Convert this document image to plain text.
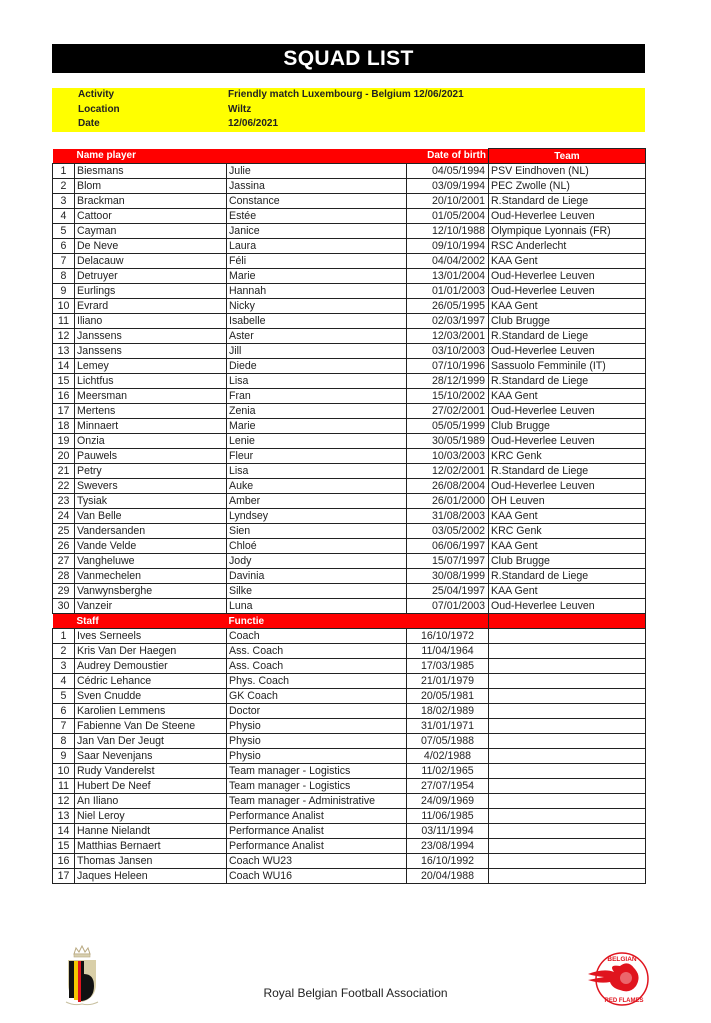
SQUAD LIST
Activity	Friendly match Luxembourg - Belgium 12/06/2021
Location	Wiltz
Date	12/06/2021
	Name player		Date of birth	Team
1	Biesmans	Julie	04/05/1994	PSV Eindhoven (NL)
2	Blom	Jassina	03/09/1994	PEC Zwolle (NL)
3	Brackman	Constance	20/10/2001	R.Standard de Liege
4	Cattoor	Estée	01/05/2004	Oud-Heverlee Leuven
5	Cayman	Janice	12/10/1988	Olympique Lyonnais (FR)
6	De Neve	Laura	09/10/1994	RSC Anderlecht
7	Delacauw	Féli	04/04/2002	KAA Gent
8	Detruyer	Marie	13/01/2004	Oud-Heverlee Leuven
9	Eurlings	Hannah	01/01/2003	Oud-Heverlee Leuven
10	Evrard	Nicky	26/05/1995	KAA Gent
11	Iliano	Isabelle	02/03/1997	Club Brugge
12	Janssens	Aster	12/03/2001	R.Standard de Liege
13	Janssens	Jill	03/10/2003	Oud-Heverlee Leuven
14	Lemey	Diede	07/10/1996	Sassuolo Femminile (IT)
15	Lichtfus	Lisa	28/12/1999	R.Standard de Liege
16	Meersman	Fran	15/10/2002	KAA Gent
17	Mertens	Zenia	27/02/2001	Oud-Heverlee Leuven
18	Minnaert	Marie	05/05/1999	Club Brugge
19	Onzia	Lenie	30/05/1989	Oud-Heverlee Leuven
20	Pauwels	Fleur	10/03/2003	KRC Genk
21	Petry	Lisa	12/02/2001	R.Standard de Liege
22	Swevers	Auke	26/08/2004	Oud-Heverlee Leuven
23	Tysiak	Amber	26/01/2000	OH Leuven
24	Van Belle	Lyndsey	31/08/2003	KAA Gent
25	Vandersanden	Sien	03/05/2002	KRC Genk
26	Vande Velde	Chloé	06/06/1997	KAA Gent
27	Vangheluwe	Jody	15/07/1997	Club Brugge
28	Vanmechelen	Davinia	30/08/1999	R.Standard de Liege
29	Vanwynsberghe	Silke	25/04/1997	KAA Gent
30	Vanzeir	Luna	07/01/2003	Oud-Heverlee Leuven
	Staff	Functie		
1	Ives Serneels	Coach	16/10/1972	
2	Kris Van Der Haegen	Ass. Coach	11/04/1964	
3	Audrey Demoustier	Ass. Coach	17/03/1985	
4	Cédric Lehance	Phys. Coach	21/01/1979	
5	Sven Cnudde	GK Coach	20/05/1981	
6	Karolien Lemmens	Doctor	18/02/1989	
7	Fabienne Van De Steene	Physio	31/01/1971	
8	Jan Van Der Jeugt	Physio	07/05/1988	
9	Saar Nevenjans	Physio	4/02/1988	
10	Rudy Vanderelst	Team manager - Logistics	11/02/1965	
11	Hubert De Neef	Team manager - Logistics	27/07/1954	
12	An Iliano	Team manager - Administrative	24/09/1969	
13	Niel Leroy	Performance Analist	11/06/1985	
14	Hanne Nielandt	Performance Analist	03/11/1994	
15	Matthias Bernaert	Performance Analist	23/08/1994	
16	Thomas Jansen	Coach WU23	16/10/1992	
17	Jaques Heleen	Coach WU16	20/04/1988	
BELGIAN
RED FLAMES
Royal Belgian Football Association
